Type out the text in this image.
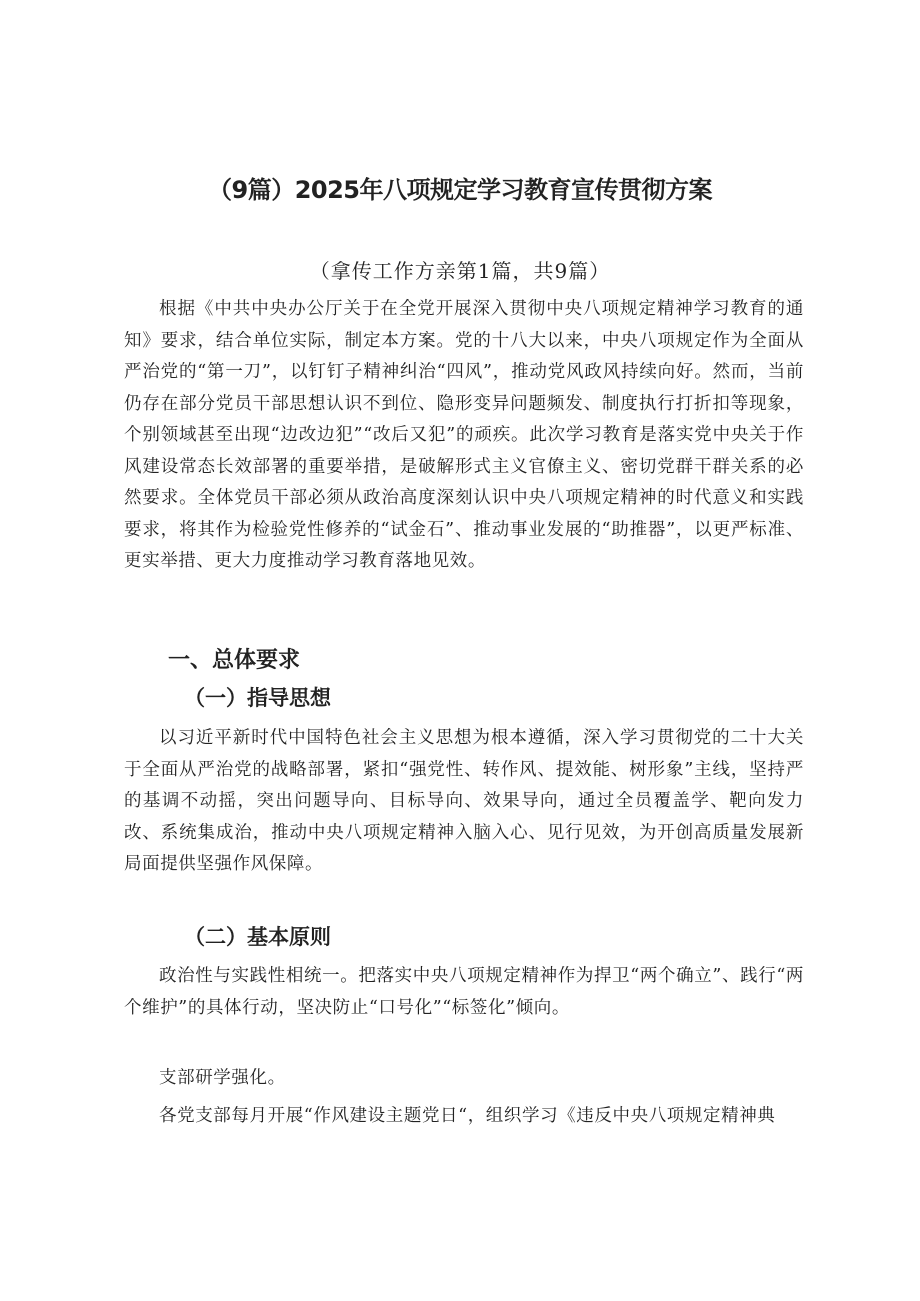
（9篇）2025年八项规定学习教育宣传贯彻方案

（拿传工作方亲第1篇，共9篇）

根据《中共中央办公厅关于在全党开展深入贯彻中央八项规定精神学习教育的通知》要求，结合单位实际，制定本方案。党的十八大以来，中央八项规定作为全面从严治党的“第一刀”，以钉钉子精神纠治“四风”，推动党风政风持续向好。然而，当前仍存在部分党员干部思想认识不到位、隐形变异问题频发、制度执行打折扣等现象，个别领域甚至出现“边改边犯”“改后又犯”的顽疾。此次学习教育是落实党中央关于作风建设常态长效部署的重要举措，是破解形式主义官僚主义、密切党群干群关系的必然要求。全体党员干部必须从政治高度深刻认识中央八项规定精神的时代意义和实践要求，将其作为检验党性修养的“试金石”、推动事业发展的“助推器”，以更严标准、更实举措、更大力度推动学习教育落地见效。

一、总体要求
（一）指导思想

以习近平新时代中国特色社会主义思想为根本遵循，深入学习贯彻党的二十大关于全面从严治党的战略部署，紧扣“强党性、转作风、提效能、树形象”主线，坚持严的基调不动摇，突出问题导向、目标导向、效果导向，通过全员覆盖学、靶向发力改、系统集成治，推动中央八项规定精神入脑入心、见行见效，为开创高质量发展新局面提供坚强作风保障。

（二）基本原则

政治性与实践性相统一。把落实中央八项规定精神作为捍卫“两个确立”、践行“两个维护”的具体行动，坚决防止“口号化”“标签化”倾向。

支部研学强化。

各党支部每月开展“作风建设主题党日“，组织学习《违反中央八项规定精神典
